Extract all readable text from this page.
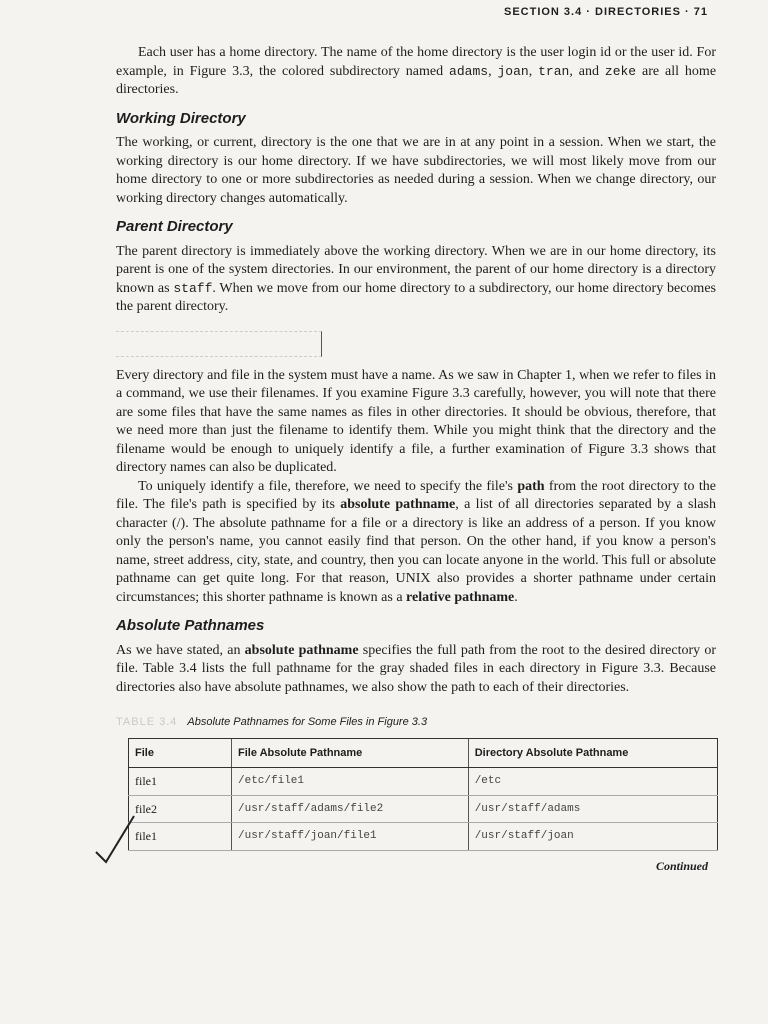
SECTION 3.4 · DIRECTORIES · 71

Each user has a home directory. The name of the home directory is the user login id or the user id. For example, in Figure 3.3, the colored subdirectory named adams, joan, tran, and zeke are all home directories.

Working Directory

The working, or current, directory is the one that we are in at any point in a session. When we start, the working directory is our home directory. If we have subdirectories, we will most likely move from our home directory to one or more subdirectories as needed during a session. When we change directory, our working directory changes automatically.

Parent Directory

The parent directory is immediately above the working directory. When we are in our home directory, its parent is one of the system directories. In our environment, the parent of our home directory is a directory known as staff. When we move from our home directory to a subdirectory, our home directory becomes the parent directory.

Every directory and file in the system must have a name. As we saw in Chapter 1, when we refer to files in a command, we use their filenames. If you examine Figure 3.3 carefully, however, you will note that there are some files that have the same names as files in other directories. It should be obvious, therefore, that we need more than just the filename to identify them. While you might think that the directory and the filename would be enough to uniquely identify a file, a further examination of Figure 3.3 shows that directory names can also be duplicated.

To uniquely identify a file, therefore, we need to specify the file's path from the root directory to the file. The file's path is specified by its absolute pathname, a list of all directories separated by a slash character (/). The absolute pathname for a file or a directory is like an address of a person. If you know only the person's name, you cannot easily find that person. On the other hand, if you know a person's name, street address, city, state, and country, then you can locate anyone in the world. This full or absolute pathname can get quite long. For that reason, UNIX also provides a shorter pathname under certain circumstances; this shorter pathname is known as a relative pathname.

Absolute Pathnames

As we have stated, an absolute pathname specifies the full path from the root to the desired directory or file. Table 3.4 lists the full pathname for the gray shaded files in each directory in Figure 3.3. Because directories also have absolute pathnames, we also show the path to each of their directories.

TABLE 3.4 Absolute Pathnames for Some Files in Figure 3.3
File	File Absolute Pathname	Directory Absolute Pathname
file1	/etc/file1	/etc
file2	/usr/staff/adams/file2	/usr/staff/adams
file1	/usr/staff/joan/file1	/usr/staff/joan
Continued
